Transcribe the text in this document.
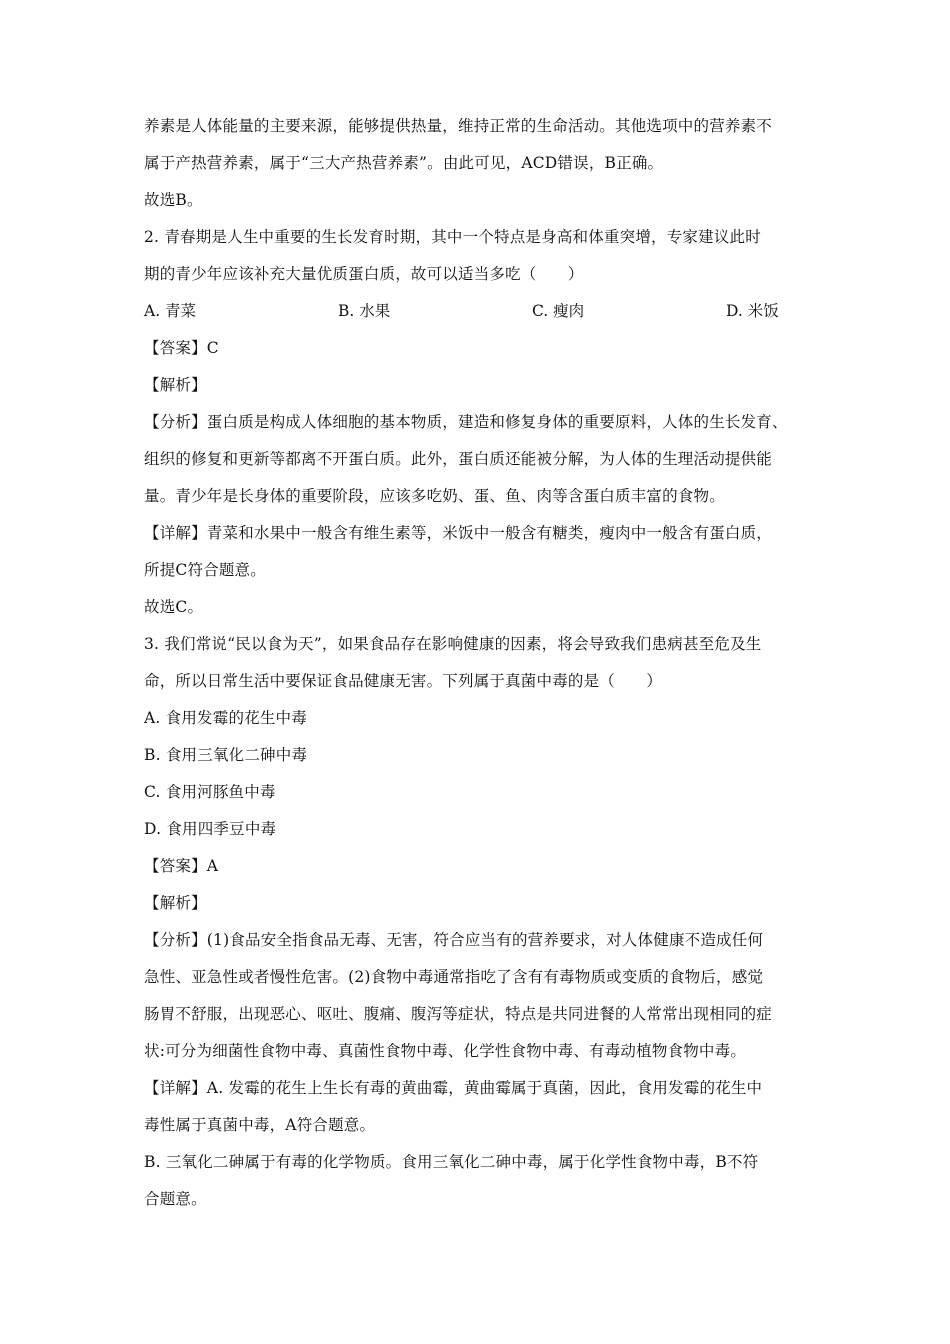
养素是人体能量的主要来源，能够提供热量，维持正常的生命活动。其他选项中的营养素不
属于产热营养素，属于“三大产热营养素”。由此可见，ACD错误，B正确。
故选B。
2. 青春期是人生中重要的生长发育时期，其中一个特点是身高和体重突增，专家建议此时
期的青少年应该补充大量优质蛋白质，故可以适当多吃（　　）
A. 青菜	B. 水果	C. 瘦肉	D. 米饭
【答案】C
【解析】
【分析】蛋白质是构成人体细胞的基本物质，建造和修复身体的重要原料，人体的生长发育、
组织的修复和更新等都离不开蛋白质。此外，蛋白质还能被分解，为人体的生理活动提供能
量。青少年是长身体的重要阶段，应该多吃奶、蛋、鱼、肉等含蛋白质丰富的食物。
【详解】青菜和水果中一般含有维生素等，米饭中一般含有糖类，瘦肉中一般含有蛋白质，
所提C符合题意。
故选C。
3. 我们常说“民以食为天”，如果食品存在影响健康的因素，将会导致我们患病甚至危及生
命，所以日常生活中要保证食品健康无害。下列属于真菌中毒的是（　　）
A. 食用发霉的花生中毒
B. 食用三氧化二砷中毒
C. 食用河豚鱼中毒
D. 食用四季豆中毒
【答案】A
【解析】
【分析】(1)食品安全指食品无毒、无害，符合应当有的营养要求，对人体健康不造成任何
急性、亚急性或者慢性危害。(2)食物中毒通常指吃了含有有毒物质或变质的食物后，感觉
肠胃不舒服，出现恶心、呕吐、腹痛、腹泻等症状，特点是共同进餐的人常常出现相同的症
状:可分为细菌性食物中毒、真菌性食物中毒、化学性食物中毒、有毒动植物食物中毒。
【详解】A. 发霉的花生上生长有毒的黄曲霉，黄曲霉属于真菌，因此，食用发霉的花生中
毒性属于真菌中毒，A符合题意。
B. 三氧化二砷属于有毒的化学物质。食用三氧化二砷中毒，属于化学性食物中毒，B不符
合题意。
